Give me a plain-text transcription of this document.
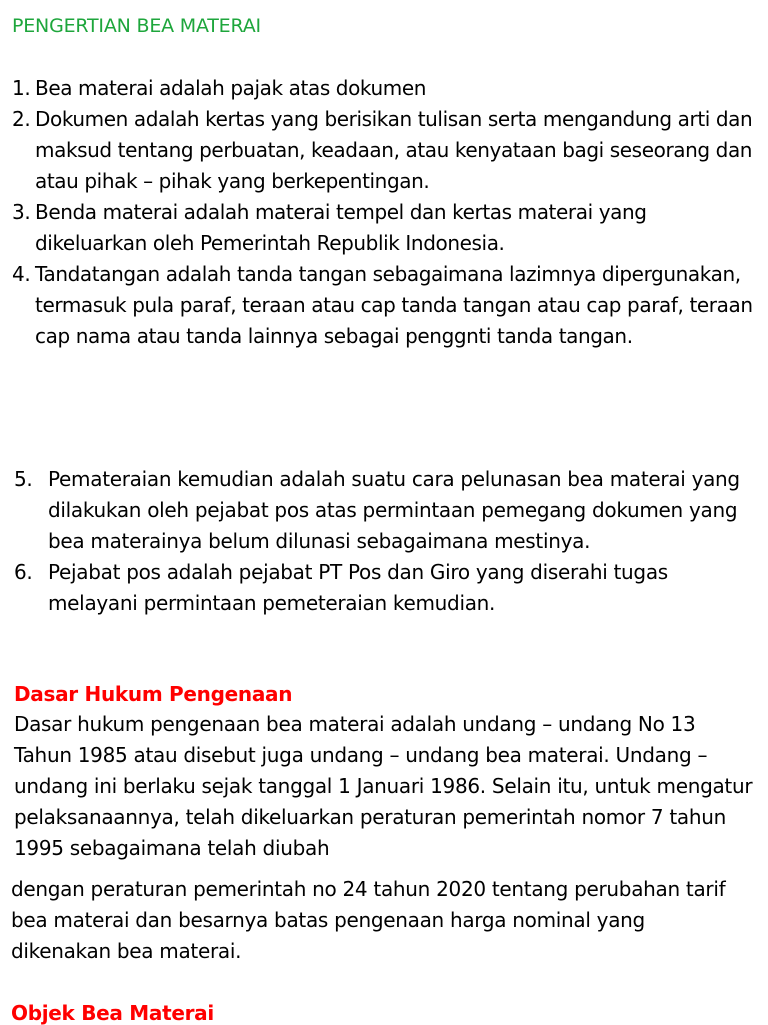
PENGERTIAN BEA MATERAI
1. Bea materai adalah pajak atas dokumen
2. Dokumen adalah kertas yang berisikan tulisan serta mengandung arti dan maksud tentang perbuatan, keadaan, atau kenyataan bagi seseorang dan atau pihak – pihak yang berkepentingan.
3. Benda materai adalah materai tempel dan kertas materai yang dikeluarkan oleh Pemerintah Republik Indonesia.
4. Tandatangan adalah tanda tangan sebagaimana lazimnya dipergunakan, termasuk pula paraf, teraan atau cap tanda tangan atau cap paraf, teraan cap nama atau tanda lainnya sebagai penggnti tanda tangan.
5. Pemateraian kemudian adalah suatu cara pelunasan bea materai yang dilakukan oleh pejabat pos atas permintaan pemegang dokumen yang bea materainya belum dilunasi sebagaimana mestinya.
6. Pejabat pos adalah pejabat PT Pos dan Giro yang diserahi tugas melayani permintaan pemeteraian kemudian.
Dasar Hukum Pengenaan
Dasar hukum pengenaan bea materai adalah undang – undang No 13 Tahun 1985 atau disebut juga undang – undang bea materai. Undang – undang ini berlaku sejak tanggal 1 Januari 1986. Selain itu, untuk mengatur pelaksanaannya, telah dikeluarkan peraturan pemerintah nomor 7 tahun 1995 sebagaimana telah diubah
dengan peraturan pemerintah no 24 tahun 2020 tentang perubahan tarif bea materai dan besarnya batas pengenaan harga nominal yang dikenakan bea materai.
Objek Bea Materai
